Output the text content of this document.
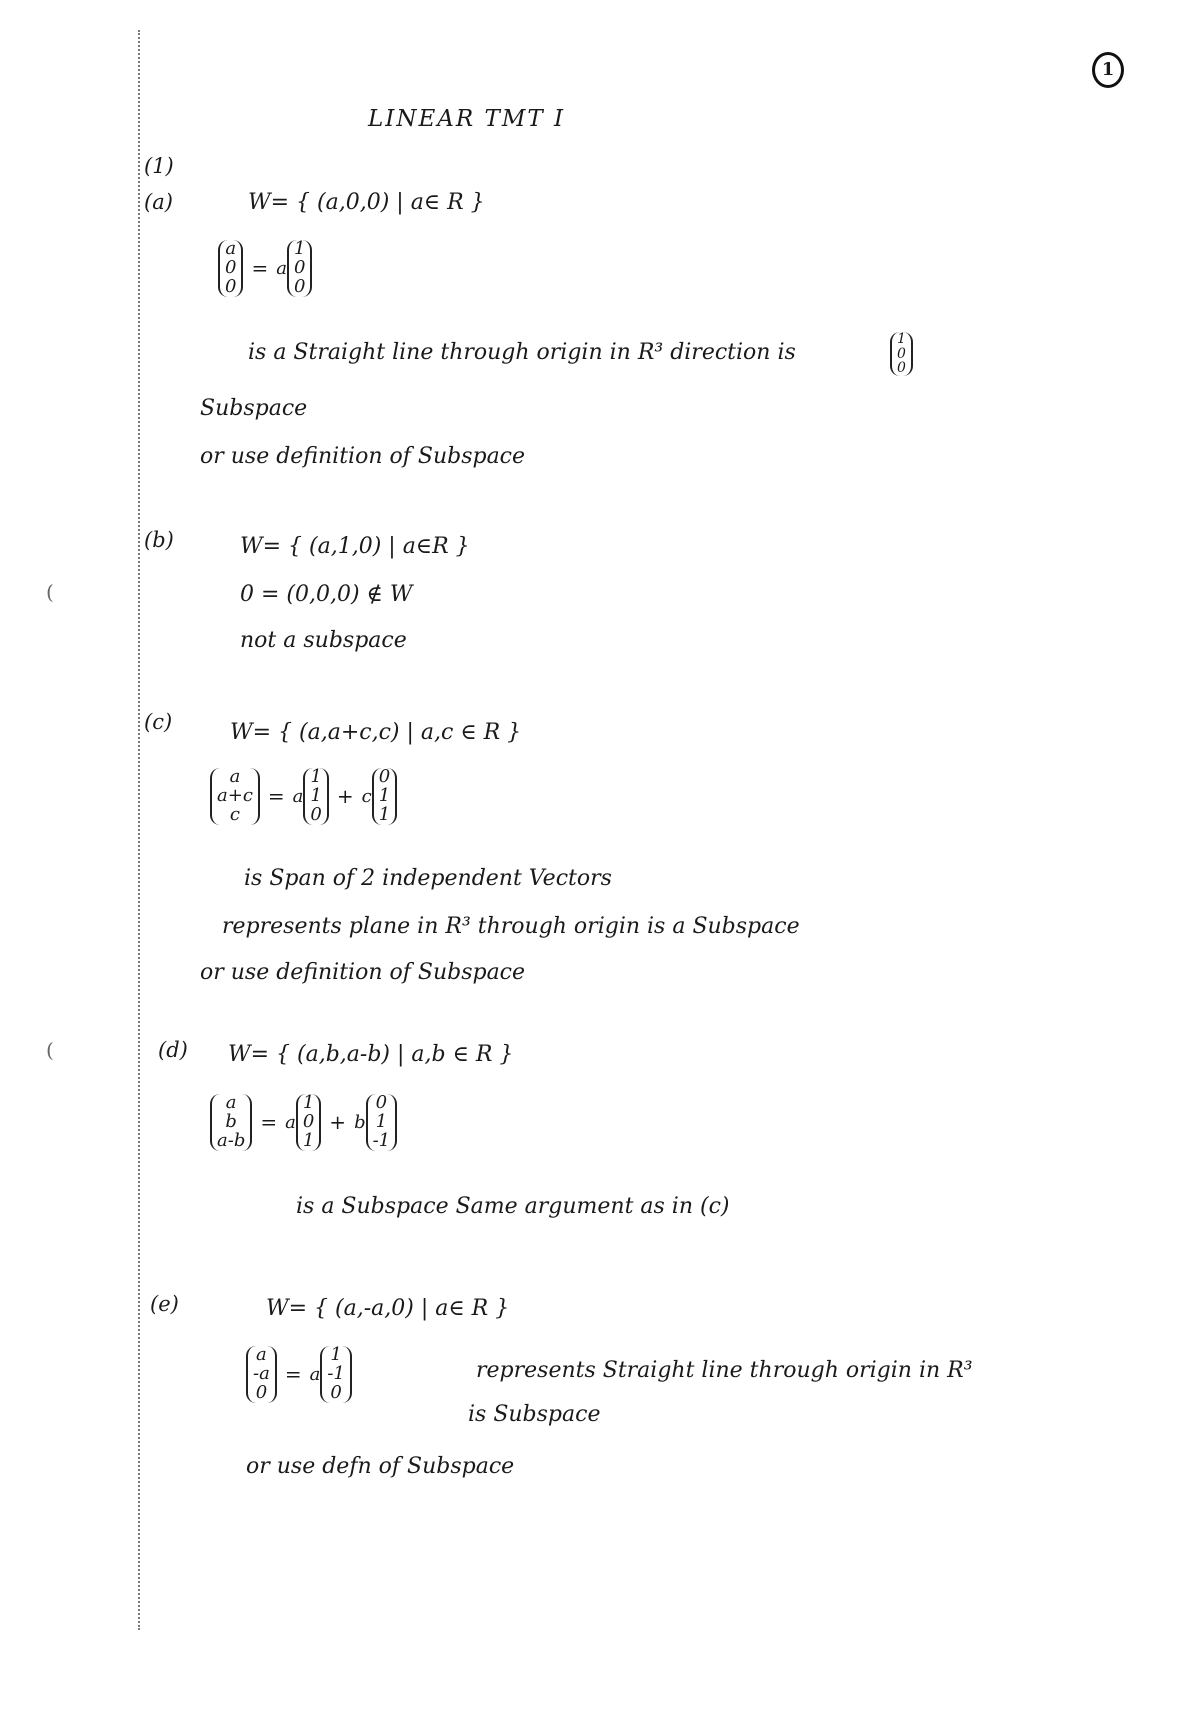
(
(
1
LINEAR TMT I
(1)
(a)	W= { (a,0,0) | a∈ R }
a
0
0
= a
1
0
0
is a Straight line through origin in R³ direction is
1
0
0
Subspace
or use definition of Subspace
(b)	W= { (a,1,0) | a∈R }
0 = (0,0,0) ∉ W
not a subspace
(c)	W= { (a,a+c,c) | a,c ∈ R }
a
a+c
c
= a
1
1
0
+ c
0
1
1
is Span of 2 independent Vectors
represents plane in R³ through origin is a Subspace
or use definition of Subspace
(d) W= { (a,b,a-b) | a,b ∈ R }
a
b
a-b
= a
1
0
1
+ b
0
1
-1
is a Subspace Same argument as in (c)
(e)	W= { (a,-a,0) | a∈ R }
a
-a
0
= a
1
-1
0
represents Straight line through origin in R³
is Subspace
or use defn of Subspace
